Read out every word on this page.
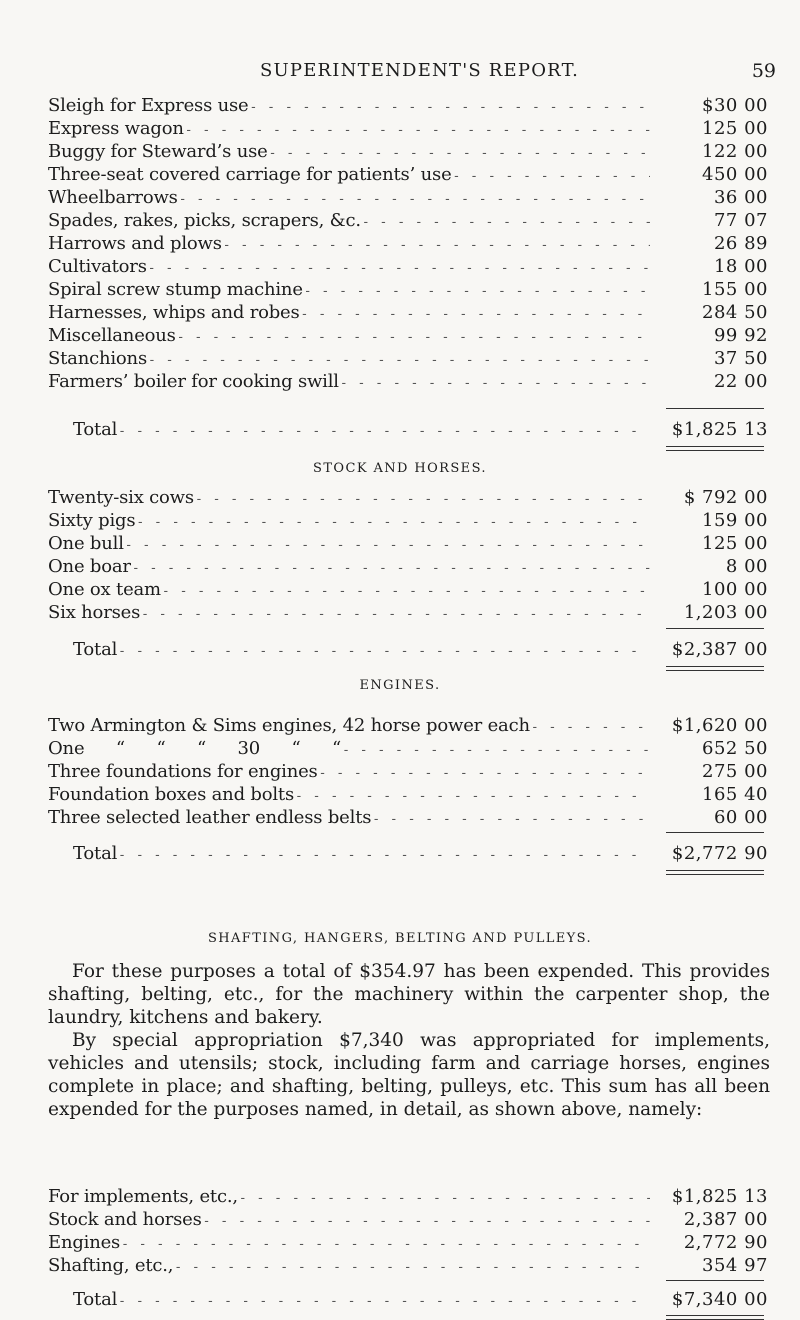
SUPERINTENDENT'S REPORT.	59
Sleigh for Express use - - -	$30 00
Express wagon - - -	125 00
Buggy for Steward’s use - - -	122 00
Three-seat covered carriage for patients’ use - - -	450 00
Wheelbarrows - - -	36 00
Spades, rakes, picks, scrapers, &c. - - -	77 07
Harrows and plows - - -	26 89
Cultivators - - -	18 00
Spiral screw stump machine - - -	155 00
Harnesses, whips and robes - - -	284 50
Miscellaneous - - -	99 92
Stanchions - - -	37 50
Farmers’ boiler for cooking swill - - -	22 00
Total - - -	$1,825 13
STOCK AND HORSES.
Twenty-six cows - - -	$ 792 00
Sixty pigs - - -	159 00
One bull - - -	125 00
One boar - - -	8 00
One ox team - - -	100 00
Six horses - - -	1,203 00
Total - - -	$2,387 00
ENGINES.
Two Armington & Sims engines, 42 horse power each - - -	$1,620 00
One “ “ “ 30 “ “ - - -	652 50
Three foundations for engines - - -	275 00
Foundation boxes and bolts - - -	165 40
Three selected leather endless belts - - -	60 00
Total - - -	$2,772 90
SHAFTING, HANGERS, BELTING AND PULLEYS.

For these purposes a total of $354.97 has been expended. This provides shafting, belting, etc., for the machinery within the carpenter shop, the laundry, kitchens and bakery.

By special appropriation $7,340 was appropriated for implements, vehicles and utensils; stock, including farm and carriage horses, engines complete in place; and shafting, belting, pulleys, etc. This sum has all been expended for the purposes named, in detail, as shown above, namely:

For implements, etc., - - -	$1,825 13
Stock and horses - - -	2,387 00
Engines - - -	2,772 90
Shafting, etc., - - -	354 97
Total - - -	$7,340 00
